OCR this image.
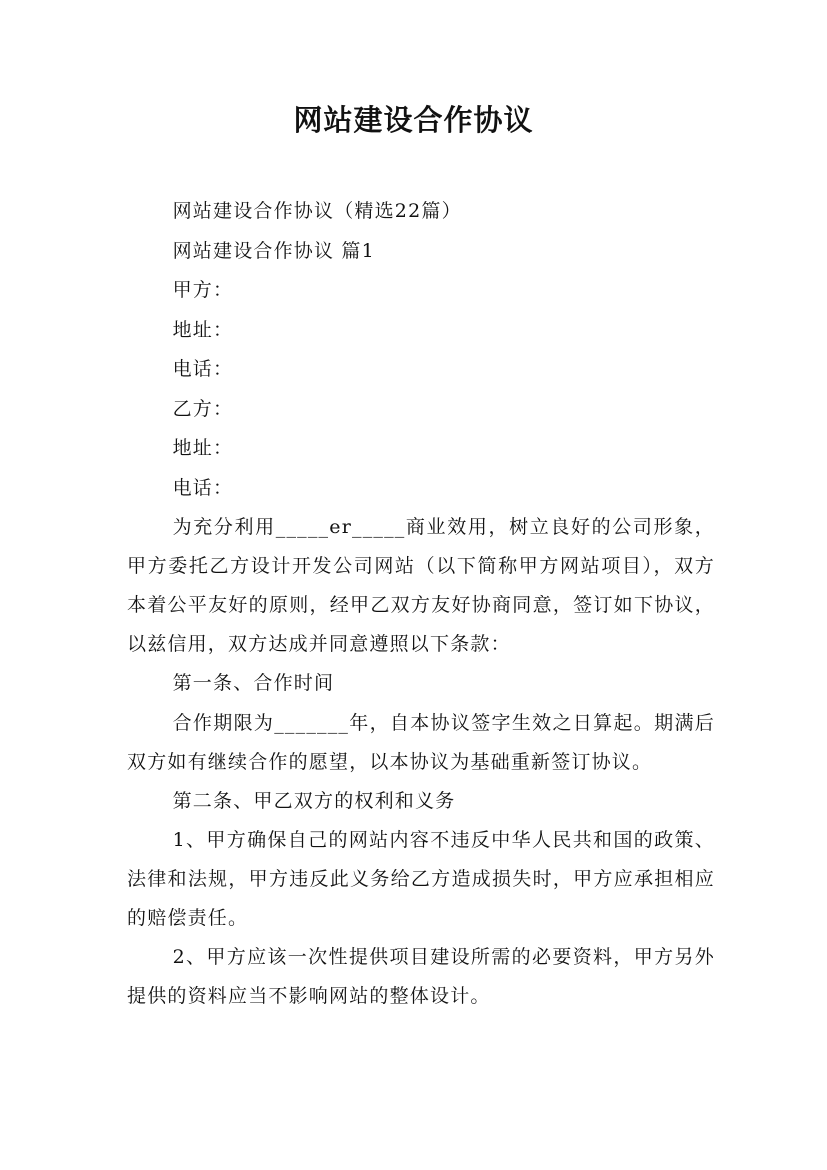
网站建设合作协议

网站建设合作协议（精选22篇）

网站建设合作协议 篇1

甲方：

地址：

电话：

乙方：

地址：

电话：

为充分利用_____er_____商业效用，树立良好的公司形象，甲方委托乙方设计开发公司网站（以下简称甲方网站项目），双方本着公平友好的原则，经甲乙双方友好协商同意，签订如下协议，以兹信用，双方达成并同意遵照以下条款：

第一条、合作时间

合作期限为_______年，自本协议签字生效之日算起。期满后双方如有继续合作的愿望，以本协议为基础重新签订协议。

第二条、甲乙双方的权利和义务

1、甲方确保自己的网站内容不违反中华人民共和国的政策、法律和法规，甲方违反此义务给乙方造成损失时，甲方应承担相应的赔偿责任。

2、甲方应该一次性提供项目建设所需的必要资料，甲方另外提供的资料应当不影响网站的整体设计。
